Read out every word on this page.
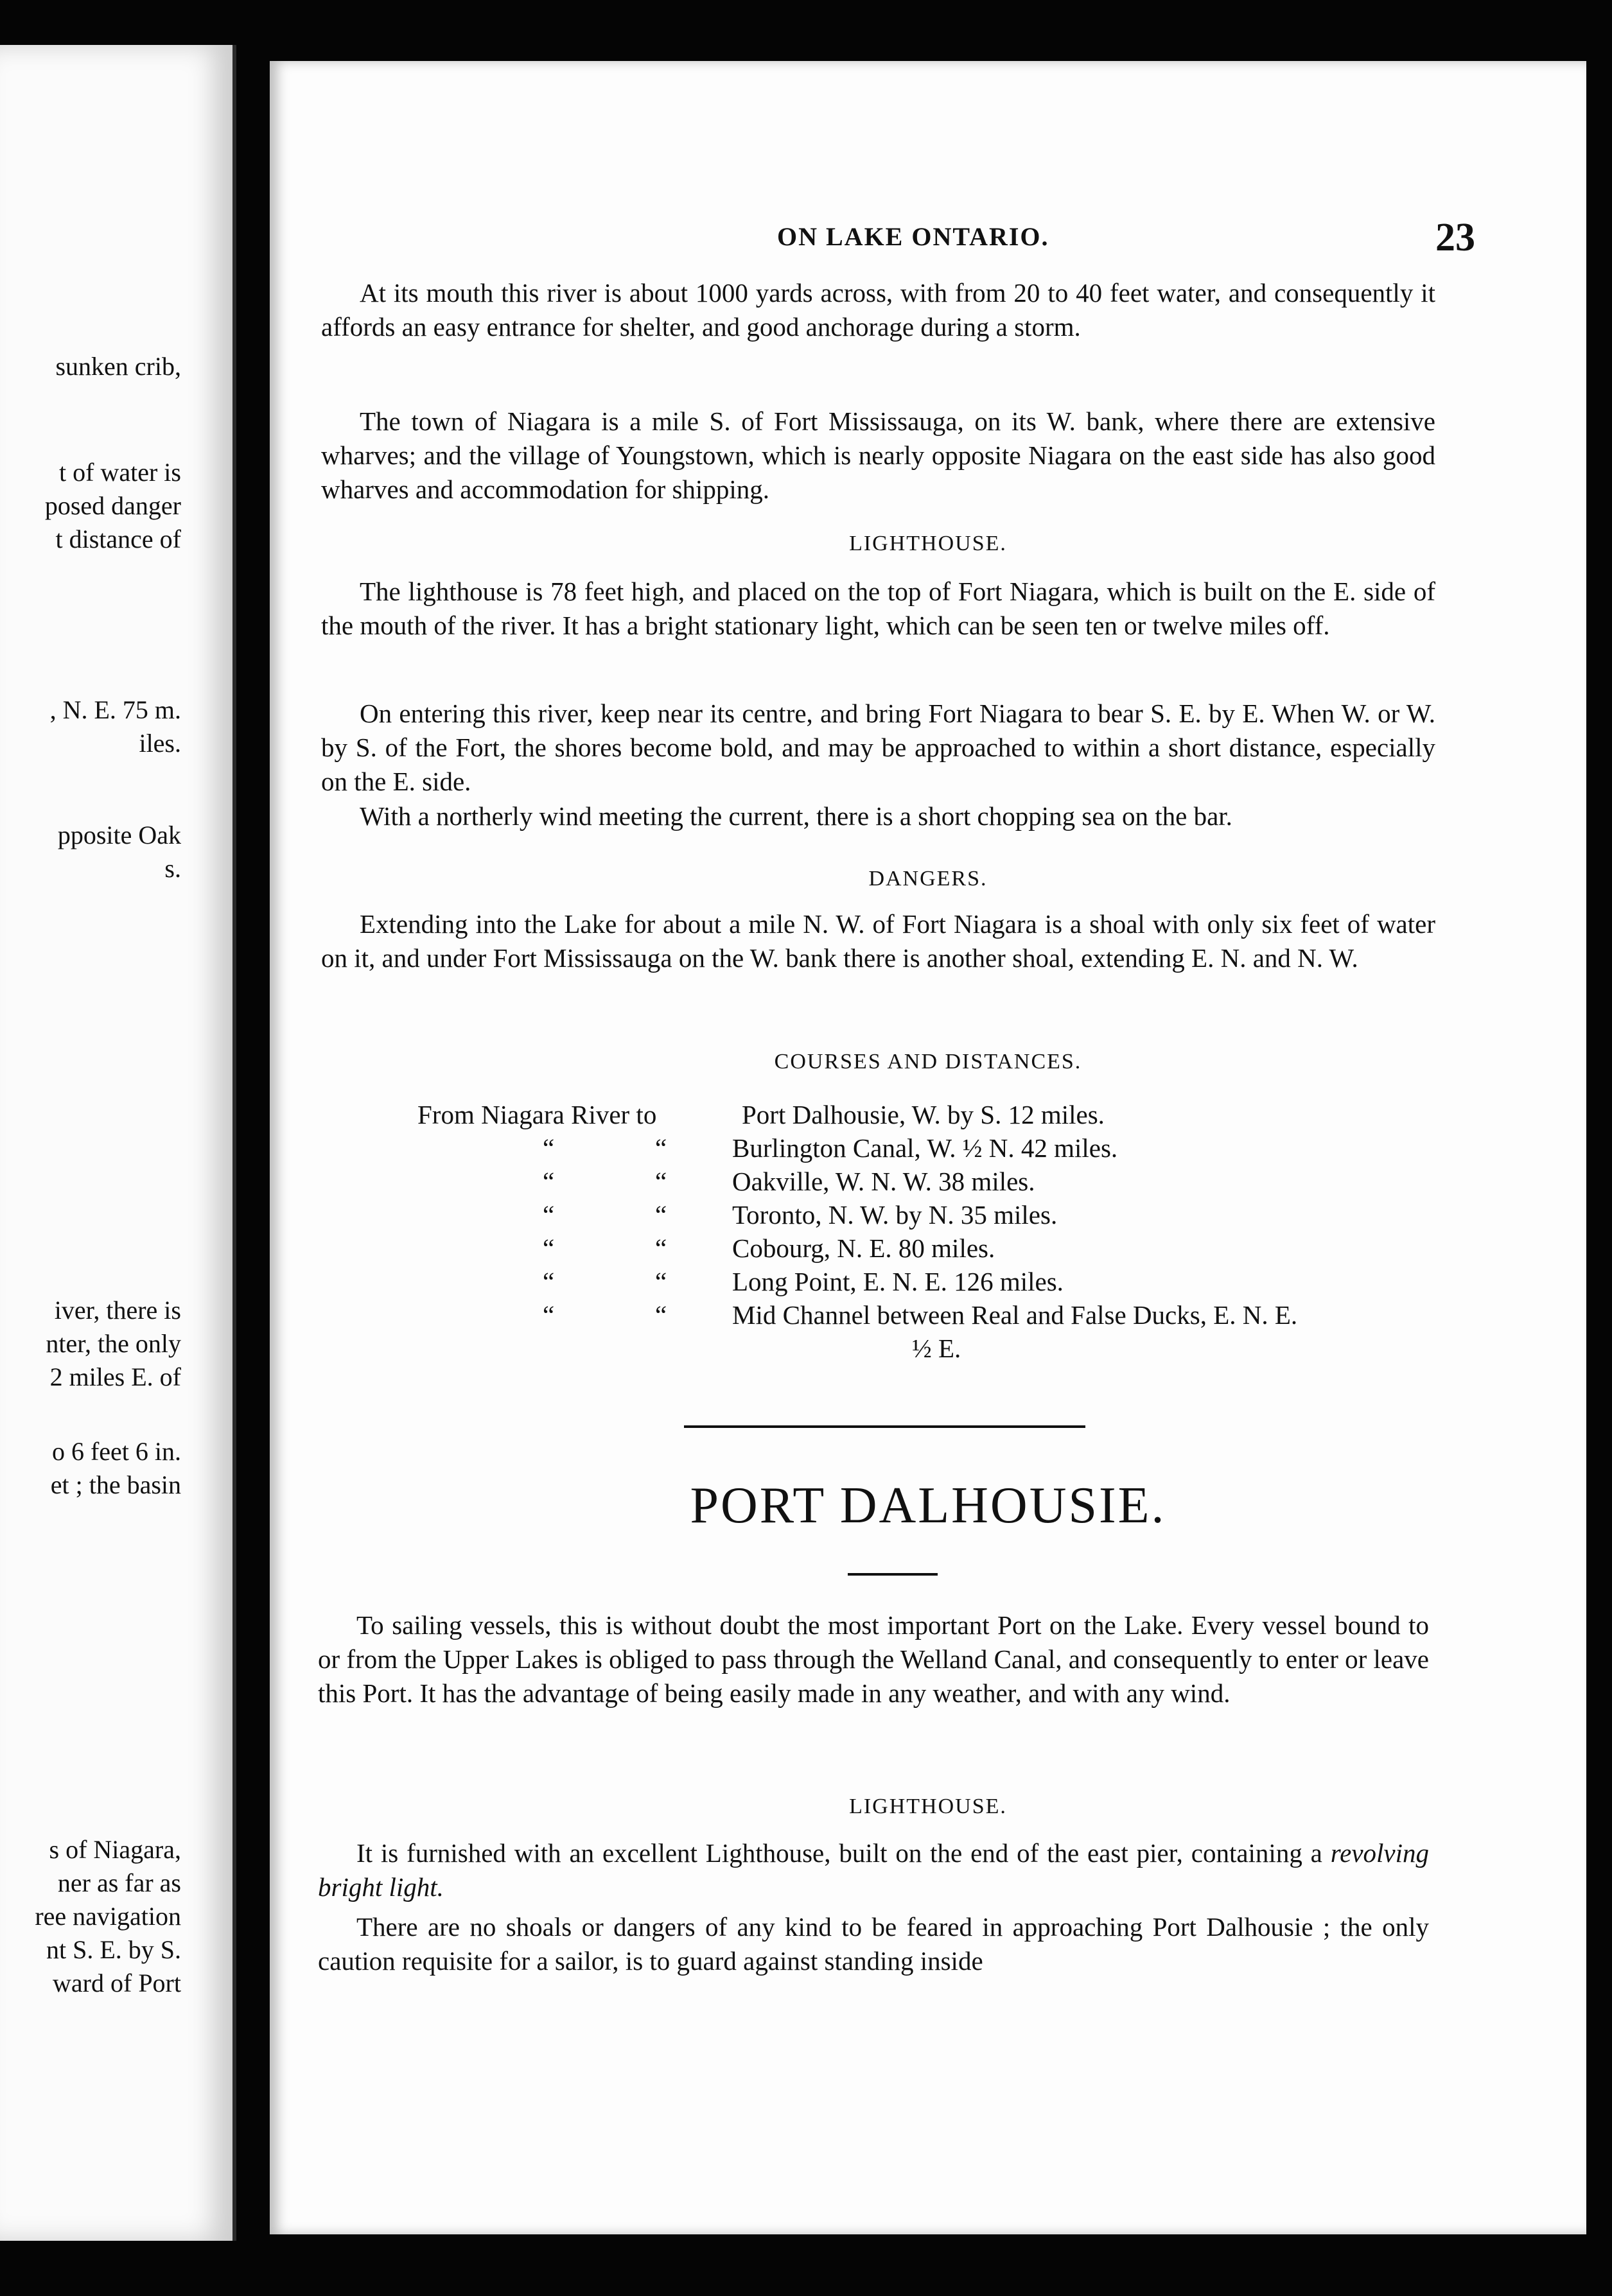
sunken crib,
t of water is
posed danger
t distance of
, N. E. 75 m.
iles.
pposite Oak
s.
iver, there is
nter, the only
2 miles E. of
o 6 feet 6 in.
et ; the basin
s of Niagara,
ner as far as
ree navigation
nt S. E. by S.
ward of Port
ON LAKE ONTARIO.	23

At its mouth this river is about 1000 yards across, with from 20 to 40 feet water, and consequently it affords an easy entrance for shelter, and good anchorage during a storm.

The town of Niagara is a mile S. of Fort Mississauga, on its W. bank, where there are extensive wharves; and the village of Youngstown, which is nearly opposite Niagara on the east side has also good wharves and accommodation for shipping.

LIGHTHOUSE.

The lighthouse is 78 feet high, and placed on the top of Fort Niagara, which is built on the E. side of the mouth of the river. It has a bright stationary light, which can be seen ten or twelve miles off.

On entering this river, keep near its centre, and bring Fort Niagara to bear S. E. by E. When W. or W. by S. of the Fort, the shores become bold, and may be approached to within a short distance, especially on the E. side.

With a northerly wind meeting the current, there is a short chopping sea on the bar.

DANGERS.

Extending into the Lake for about a mile N. W. of Fort Niagara is a shoal with only six feet of water on it, and under Fort Mississauga on the W. bank there is another shoal, extending E. N. and N. W.

COURSES AND DISTANCES.
From Niagara River to	Port Dalhousie, W. by S. 12 miles.
“	“ Burlington Canal, W. ½ N. 42 miles.
“	“ Oakville, W. N. W. 38 miles.
“	“ Toronto, N. W. by N. 35 miles.
“	“ Cobourg, N. E. 80 miles.
“	“ Long Point, E. N. E. 126 miles.
“	“ Mid Channel between Real and False Ducks, E. N. E.
½ E.
PORT DALHOUSIE.

To sailing vessels, this is without doubt the most important Port on the Lake. Every vessel bound to or from the Upper Lakes is obliged to pass through the Welland Canal, and consequently to enter or leave this Port. It has the advantage of being easily made in any weather, and with any wind.

LIGHTHOUSE.

It is furnished with an excellent Lighthouse, built on the end of the east pier, containing a revolving bright light.

There are no shoals or dangers of any kind to be feared in approaching Port Dalhousie ; the only caution requisite for a sailor, is to guard against standing inside
